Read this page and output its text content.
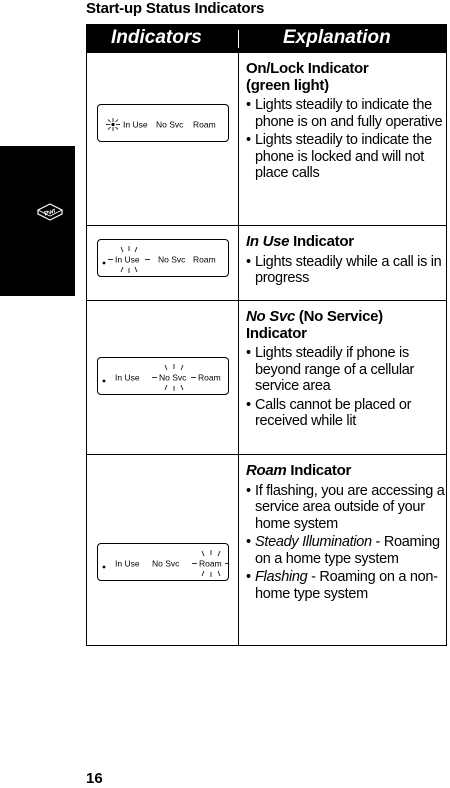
Start-up Status Indicators
Pwr
Indicators	Explanation
In Use No Svc Roam
On/Lock Indicator
(green light)
• Lights steadily to indicate the phone is on and fully operative
• Lights steadily to indicate the phone is locked and will not place calls
In Use No Svc Roam
In Use Indicator
• Lights steadily while a call is in progress
In Use No Svc Roam
No Svc (No Service)
Indicator
• Lights steadily if phone is beyond range of a cellular service area
• Calls cannot be placed or received while lit
In Use No Svc Roam
Roam Indicator
• If flashing, you are accessing a service area outside of your home system
• Steady Illumination - Roaming on a home type system
• Flashing - Roaming on a non-home type system
16
